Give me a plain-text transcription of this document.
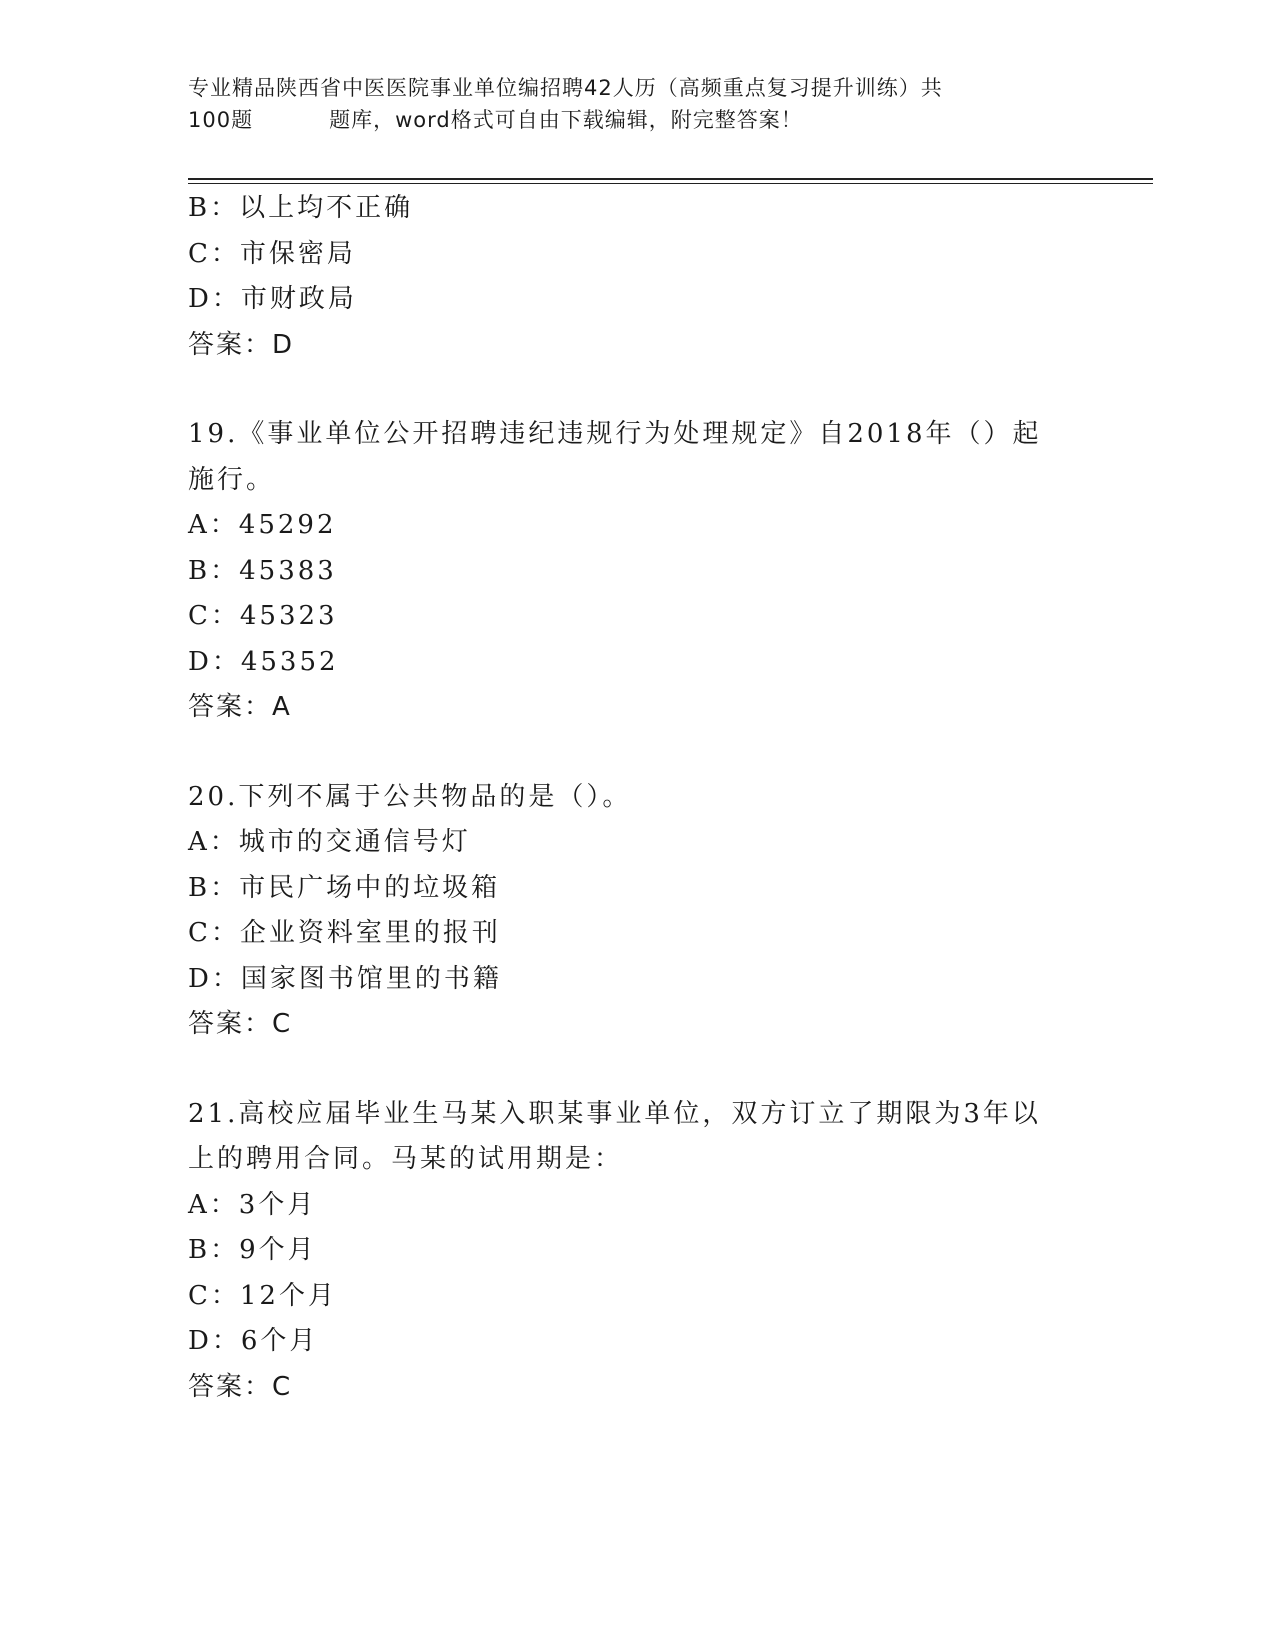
专业精品陕西省中医医院事业单位编招聘42人历（高频重点复习提升训练）共
100题	题库，word格式可自由下载编辑，附完整答案！
B：以上均不正确
C：市保密局
D：市财政局
答案：D
19.《事业单位公开招聘违纪违规行为处理规定》自2018年（）起施行。
A：45292
B：45383
C：45323
D：45352
答案：A
20.下列不属于公共物品的是（）。
A：城市的交通信号灯
B：市民广场中的垃圾箱
C：企业资料室里的报刊
D：国家图书馆里的书籍
答案：C
21.高校应届毕业生马某入职某事业单位，双方订立了期限为3年以上的聘用合同。马某的试用期是：
A：3个月
B：9个月
C：12个月
D：6个月
答案：C
